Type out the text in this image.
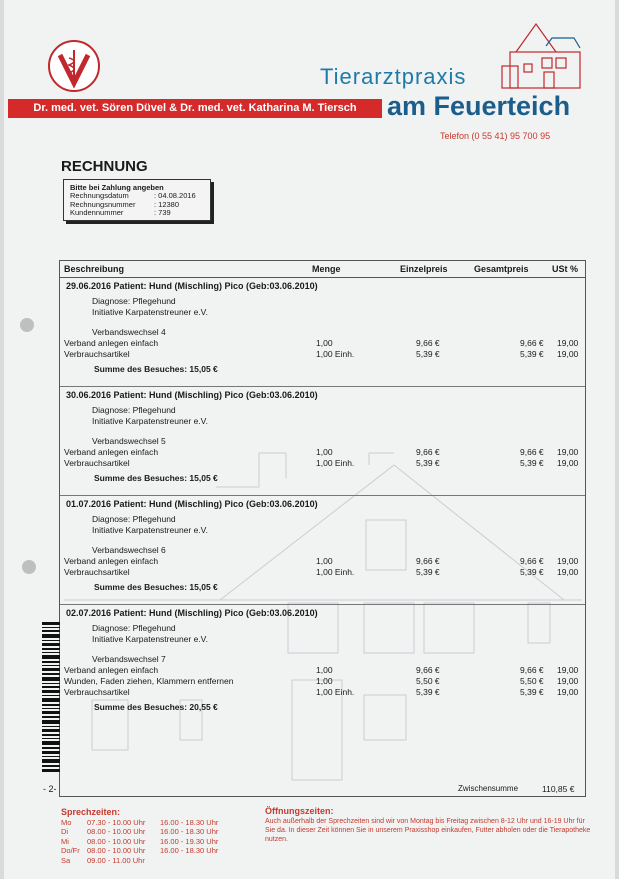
Dr. med. vet. Sören Düvel & Dr. med. vet. Katharina M. Tiersch
Tierarztpraxis
am Feuerteich
Telefon (0 55 41) 95 700 95
RECHNUNG
Bitte bei Zahlung angeben
Rechnungsdatum	: 04.08.2016
Rechnungsnummer	: 12380
Kundennummer	: 739
Beschreibung	Menge	Einzelpreis	Gesamtpreis	USt %
29.06.2016 Patient: Hund (Mischling) Pico (Geb:03.06.2010)
Diagnose: Pflegehund
Initiative Karpatenstreuner e.V.
Verbandswechsel 4
Verband anlegen einfach	1,00	9,66 €	9,66 € 19,00
Verbrauchsartikel	1,00 Einh.	5,39 €	5,39 € 19,00
Summe des Besuches: 15,05 €
30.06.2016 Patient: Hund (Mischling) Pico (Geb:03.06.2010)
Diagnose: Pflegehund
Initiative Karpatenstreuner e.V.
Verbandswechsel 5
Verband anlegen einfach	1,00	9,66 €	9,66 € 19,00
Verbrauchsartikel	1,00 Einh.	5,39 €	5,39 € 19,00
Summe des Besuches: 15,05 €
01.07.2016 Patient: Hund (Mischling) Pico (Geb:03.06.2010)
Diagnose: Pflegehund
Initiative Karpatenstreuner e.V.
Verbandswechsel 6
Verband anlegen einfach	1,00	9,66 €	9,66 € 19,00
Verbrauchsartikel	1,00 Einh.	5,39 €	5,39 € 19,00
Summe des Besuches: 15,05 €
02.07.2016 Patient: Hund (Mischling) Pico (Geb:03.06.2010)
Diagnose: Pflegehund
Initiative Karpatenstreuner e.V.
Verbandswechsel 7
Verband anlegen einfach	1,00	9,66 €	9,66 € 19,00
Wunden, Faden ziehen, Klammern entfernen	1,00	5,50 €	5,50 € 19,00
Verbrauchsartikel	1,00 Einh.	5,39 €	5,39 € 19,00
Summe des Besuches: 20,55 €
- 2-	Zwischensumme	110,85 €
Sprechzeiten:
Mo	07.30 - 10.00 Uhr	16.00 - 18.30 Uhr
Di	08.00 - 10.00 Uhr	16.00 - 18.30 Uhr
Mi	08.00 - 10.00 Uhr	16.00 - 19.30 Uhr
Do/Fr 08.00 - 10.00 Uhr	16.00 - 18.30 Uhr
Sa	09.00 - 11.00 Uhr
Öffnungszeiten:
Auch außerhalb der Sprechzeiten sind wir von Montag bis Freitag zwischen 8-12 Uhr und 16-19 Uhr für Sie da. In dieser Zeit können Sie in unserem Praxisshop einkaufen, Futter abholen oder die Tierapotheke nutzen.
